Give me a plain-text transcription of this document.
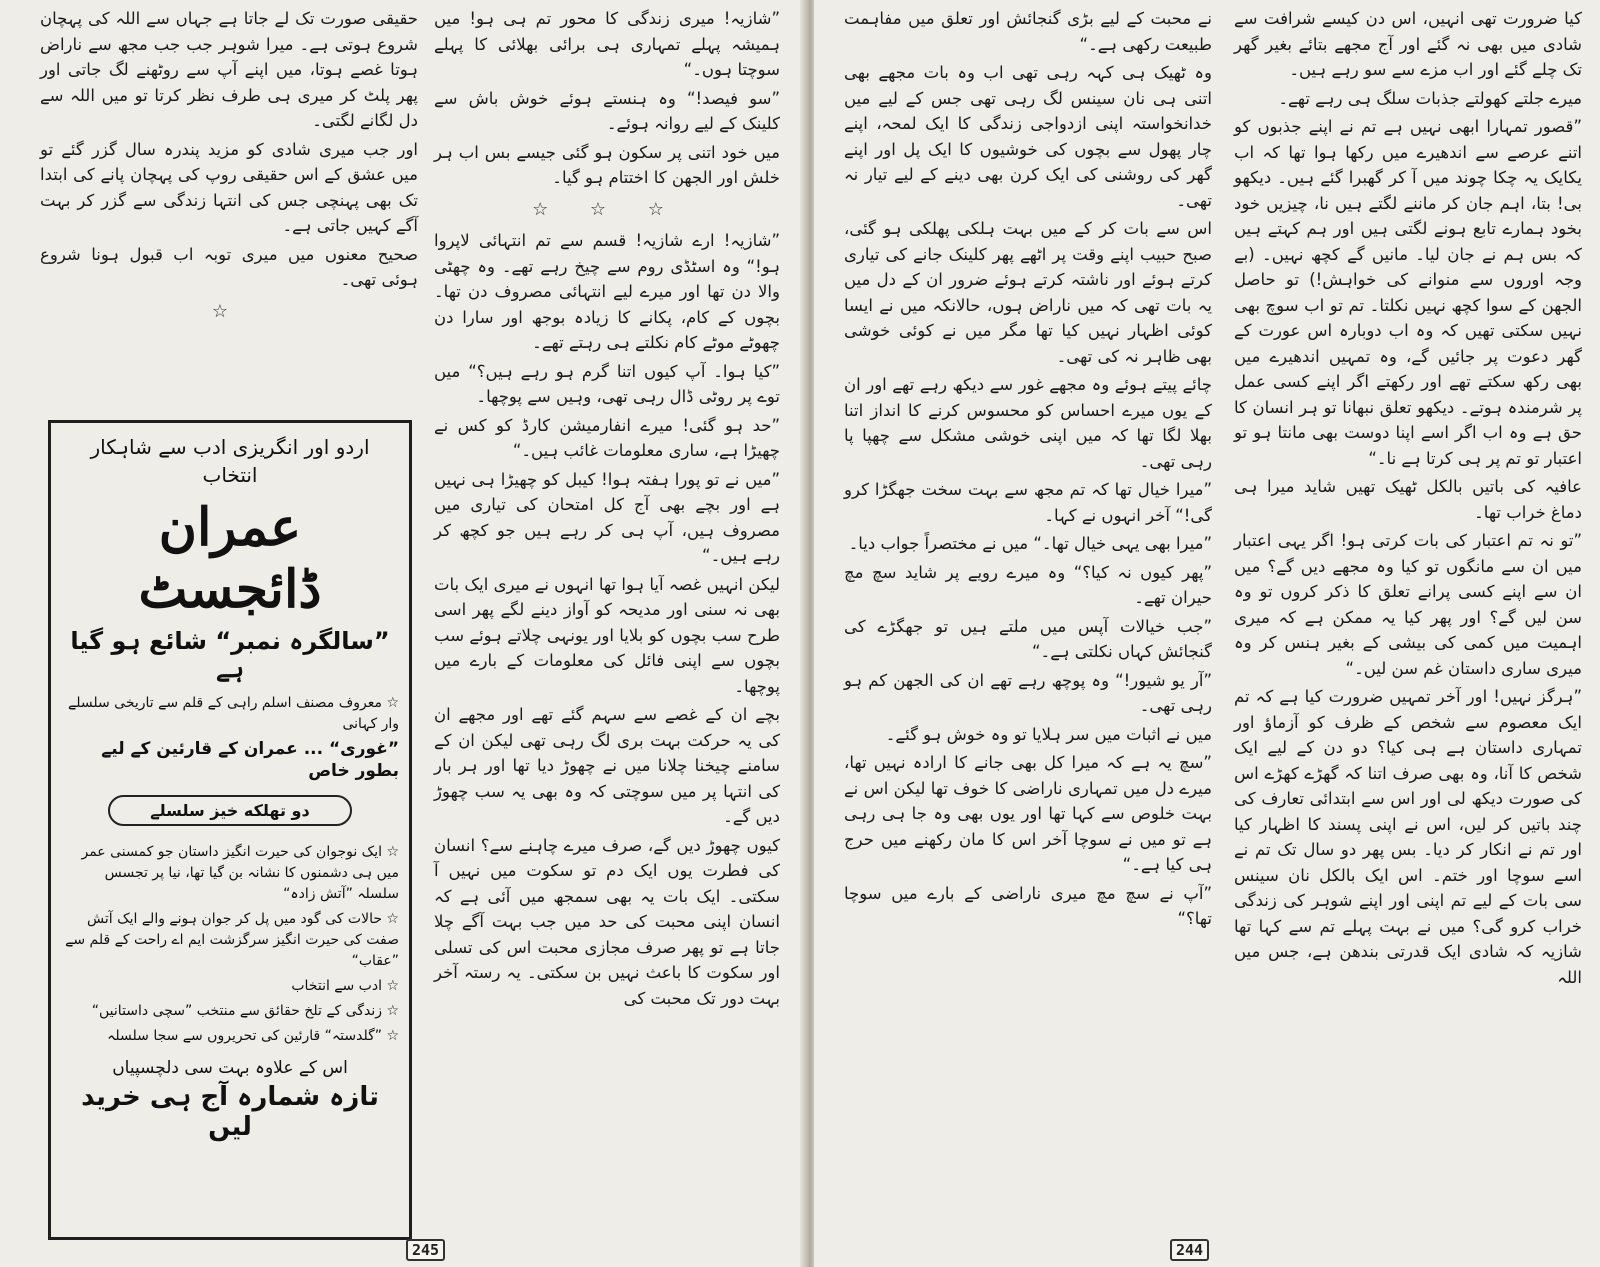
”شازیہ! میری زندگی کا محور تم ہی ہو! میں ہمیشہ پہلے تمہاری ہی برائی بھلائی کا پہلے سوچتا ہوں۔“

”سو فیصد!“ وہ ہنستے ہوئے خوش باش سے کلینک کے لیے روانہ ہوئے۔

میں خود اتنی پر سکون ہو گئی جیسے بس اب ہر خلش اور الجھن کا اختتام ہو گیا۔

☆ ☆ ☆

”شازیہ! ارے شازیہ! قسم سے تم انتہائی لاپروا ہو!“ وہ اسٹڈی روم سے چیخ رہے تھے۔ وہ چھٹی والا دن تھا اور میرے لیے انتہائی مصروف دن تھا۔ بچوں کے کام، پکانے کا زیادہ بوجھ اور سارا دن چھوٹے موٹے کام نکلتے ہی رہتے تھے۔

”کیا ہوا۔ آپ کیوں اتنا گرم ہو رہے ہیں؟“ میں توے پر روٹی ڈال رہی تھی، وہیں سے پوچھا۔

”حد ہو گئی! میرے انفارمیشن کارڈ کو کس نے چھیڑا ہے، ساری معلومات غائب ہیں۔“

”میں نے تو پورا ہفتہ ہوا! کیبل کو چھیڑا ہی نہیں ہے اور بچے بھی آج کل امتحان کی تیاری میں مصروف ہیں، آپ ہی کر رہے ہیں جو کچھ کر رہے ہیں۔“

لیکن انہیں غصہ آیا ہوا تھا انہوں نے میری ایک بات بھی نہ سنی اور مدیحہ کو آواز دینے لگے پھر اسی طرح سب بچوں کو بلایا اور یونہی چلاتے ہوئے سب بچوں سے اپنی فائل کی معلومات کے بارے میں پوچھا۔

بچے ان کے غصے سے سہم گئے تھے اور مجھے ان کی یہ حرکت بہت بری لگ رہی تھی لیکن ان کے سامنے چیخنا چلانا میں نے چھوڑ دیا تھا اور ہر بار کی انتہا پر میں سوچتی کہ وہ بھی یہ سب چھوڑ دیں گے۔

کیوں چھوڑ دیں گے، صرف میرے چاہنے سے؟ انسان کی فطرت یوں ایک دم تو سکوت میں نہیں آ سکتی۔ ایک بات یہ بھی سمجھ میں آئی ہے کہ انسان اپنی محبت کی حد میں جب بہت آگے چلا جاتا ہے تو پھر صرف مجازی محبت اس کی تسلی اور سکوت کا باعث نہیں بن سکتی۔ یہ رستہ آخر بہت دور تک محبت کی

حقیقی صورت تک لے جاتا ہے جہاں سے اللہ کی پہچان شروع ہوتی ہے۔ میرا شوہر جب جب مجھ سے ناراض ہوتا غصے ہوتا، میں اپنے آپ سے روٹھنے لگ جاتی اور پھر پلٹ کر میری ہی طرف نظر کرتا تو میں اللہ سے دل لگانے لگتی۔

اور جب میری شادی کو مزید پندرہ سال گزر گئے تو میں عشق کے اس حقیقی روپ کی پہچان پانے کی ابتدا تک بھی پہنچی جس کی انتہا زندگی سے گزر کر بہت آگے کہیں جاتی ہے۔

صحیح معنوں میں میری توبہ اب قبول ہونا شروع ہوئی تھی۔

☆
اردو اور انگریزی ادب سے شاہکار انتخاب
عمران ڈائجسٹ
”سالگرہ نمبر“ شائع ہو گیا ہے
☆ معروف مصنف اسلم راہی کے قلم سے تاریخی سلسلے وار کہانی
”غوری“ ... عمران کے قارئین کے لیے بطور خاص
دو تهلکه خیز سلسلے
☆ ایک نوجوان کی حیرت انگیز داستان جو کمسنی عمر میں ہی دشمنوں کا نشانہ بن گیا تھا، نیا پر تجسس سلسلہ ”آتش زادہ“
☆ حالات کی گود میں پل کر جوان ہونے والے ایک آتش صفت کی حیرت انگیز سرگزشت ایم اے راحت کے قلم سے ”عقاب“
☆ ادب سے انتخاب
☆ زندگی کے تلخ حقائق سے منتخب ”سچی داستانیں“
☆ ”گلدستہ“ قارئین کی تحریروں سے سجا سلسلہ
اس کے علاوہ بہت سی دلچسپیاں
تازہ شمارہ آج ہی خرید لیں
245

کیا ضرورت تھی انہیں، اس دن کیسے شرافت سے شادی میں بھی نہ گئے اور آج مجھے بتائے بغیر گھر تک چلے گئے اور اب مزے سے سو رہے ہیں۔

میرے جلتے کھولتے جذبات سلگ ہی رہے تھے۔

”قصور تمہارا ابھی نہیں ہے تم نے اپنے جذبوں کو اتنے عرصے سے اندھیرے میں رکھا ہوا تھا کہ اب یکایک یہ چکا چوند میں آ کر گھبرا گئے ہیں۔ دیکھو بی! بتا، اہم جان کر ماننے لگتے ہیں نا، چیزیں خود بخود ہمارے تابع ہونے لگتی ہیں اور ہم کہتے ہیں کہ بس ہم نے جان لیا۔ مانیں گے کچھ نہیں۔ (بے وجہ اوروں سے منوانے کی خواہش!) تو حاصل الجھن کے سوا کچھ نہیں نکلتا۔ تم تو اب سوچ بھی نہیں سکتی تھیں کہ وہ اب دوبارہ اس عورت کے گھر دعوت پر جائیں گے، وہ تمہیں اندھیرے میں بھی رکھ سکتے تھے اور رکھتے اگر اپنے کسی عمل پر شرمندہ ہوتے۔ دیکھو تعلق نبھانا تو ہر انسان کا حق ہے وہ اب اگر اسے اپنا دوست بھی مانتا ہو تو اعتبار تو تم پر ہی کرتا ہے نا۔“

عافیہ کی باتیں بالکل ٹھیک تھیں شاید میرا ہی دماغ خراب تھا۔

”تو نہ تم اعتبار کی بات کرتی ہو! اگر یہی اعتبار میں ان سے مانگوں تو کیا وہ مجھے دیں گے؟ میں ان سے اپنے کسی پرانے تعلق کا ذکر کروں تو وہ سن لیں گے؟ اور پھر کیا یہ ممکن ہے کہ میری اہمیت میں کمی کی بیشی کے بغیر ہنس کر وہ میری ساری داستان غم سن لیں۔“

”ہرگز نہیں! اور آخر تمہیں ضرورت کیا ہے کہ تم ایک معصوم سے شخص کے ظرف کو آزماؤ اور تمہاری داستان ہے ہی کیا؟ دو دن کے لیے ایک شخص کا آنا، وہ بھی صرف اتنا کہ گھڑے کھڑے اس کی صورت دیکھ لی اور اس سے ابتدائی تعارف کی چند باتیں کر لیں، اس نے اپنی پسند کا اظہار کیا اور تم نے انکار کر دیا۔ بس پھر دو سال تک تم نے اسے سوچا اور ختم۔ اس ایک بالکل نان سینس سی بات کے لیے تم اپنی اور اپنے شوہر کی زندگی خراب کرو گی؟ میں نے بہت پہلے تم سے کہا تھا شازیہ کہ شادی ایک قدرتی بندھن ہے، جس میں اللہ

نے محبت کے لیے بڑی گنجائش اور تعلق میں مفاہمت طبیعت رکھی ہے۔“

وہ ٹھیک ہی کہہ رہی تھی اب وہ بات مجھے بھی اتنی ہی نان سینس لگ رہی تھی جس کے لیے میں خدانخواستہ اپنی ازدواجی زندگی کا ایک لمحہ، اپنے چار پھول سے بچوں کی خوشیوں کا ایک پل اور اپنے گھر کی روشنی کی ایک کرن بھی دینے کے لیے تیار نہ تھی۔

اس سے بات کر کے میں بہت ہلکی پھلکی ہو گئی، صبح حبیب اپنے وقت پر اٹھے پھر کلینک جانے کی تیاری کرتے ہوئے اور ناشتہ کرتے ہوئے ضرور ان کے دل میں یہ بات تھی کہ میں ناراض ہوں، حالانکہ میں نے ایسا کوئی اظہار نہیں کیا تھا مگر میں نے کوئی خوشی بھی ظاہر نہ کی تھی۔

چائے پیتے ہوئے وہ مجھے غور سے دیکھ رہے تھے اور ان کے یوں میرے احساس کو محسوس کرنے کا انداز اتنا بھلا لگا تھا کہ میں اپنی خوشی مشکل سے چھپا پا رہی تھی۔

”میرا خیال تھا کہ تم مجھ سے بہت سخت جھگڑا کرو گی!“ آخر انہوں نے کہا۔

”میرا بھی یہی خیال تھا۔“ میں نے مختصراً جواب دیا۔

”پھر کیوں نہ کیا؟“ وہ میرے رویے پر شاید سچ مچ حیران تھے۔

”جب خیالات آپس میں ملتے ہیں تو جھگڑے کی گنجائش کہاں نکلتی ہے۔“

”آر یو شیور!“ وہ پوچھ رہے تھے ان کی الجھن کم ہو رہی تھی۔

میں نے اثبات میں سر ہلایا تو وہ خوش ہو گئے۔

”سچ یہ ہے کہ میرا کل بھی جانے کا ارادہ نہیں تھا، میرے دل میں تمہاری ناراضی کا خوف تھا لیکن اس نے بہت خلوص سے کہا تھا اور یوں بھی وہ جا ہی رہی ہے تو میں نے سوچا آخر اس کا مان رکھنے میں حرج ہی کیا ہے۔“

”آپ نے سچ مچ میری ناراضی کے بارے میں سوچا تھا؟“

244
